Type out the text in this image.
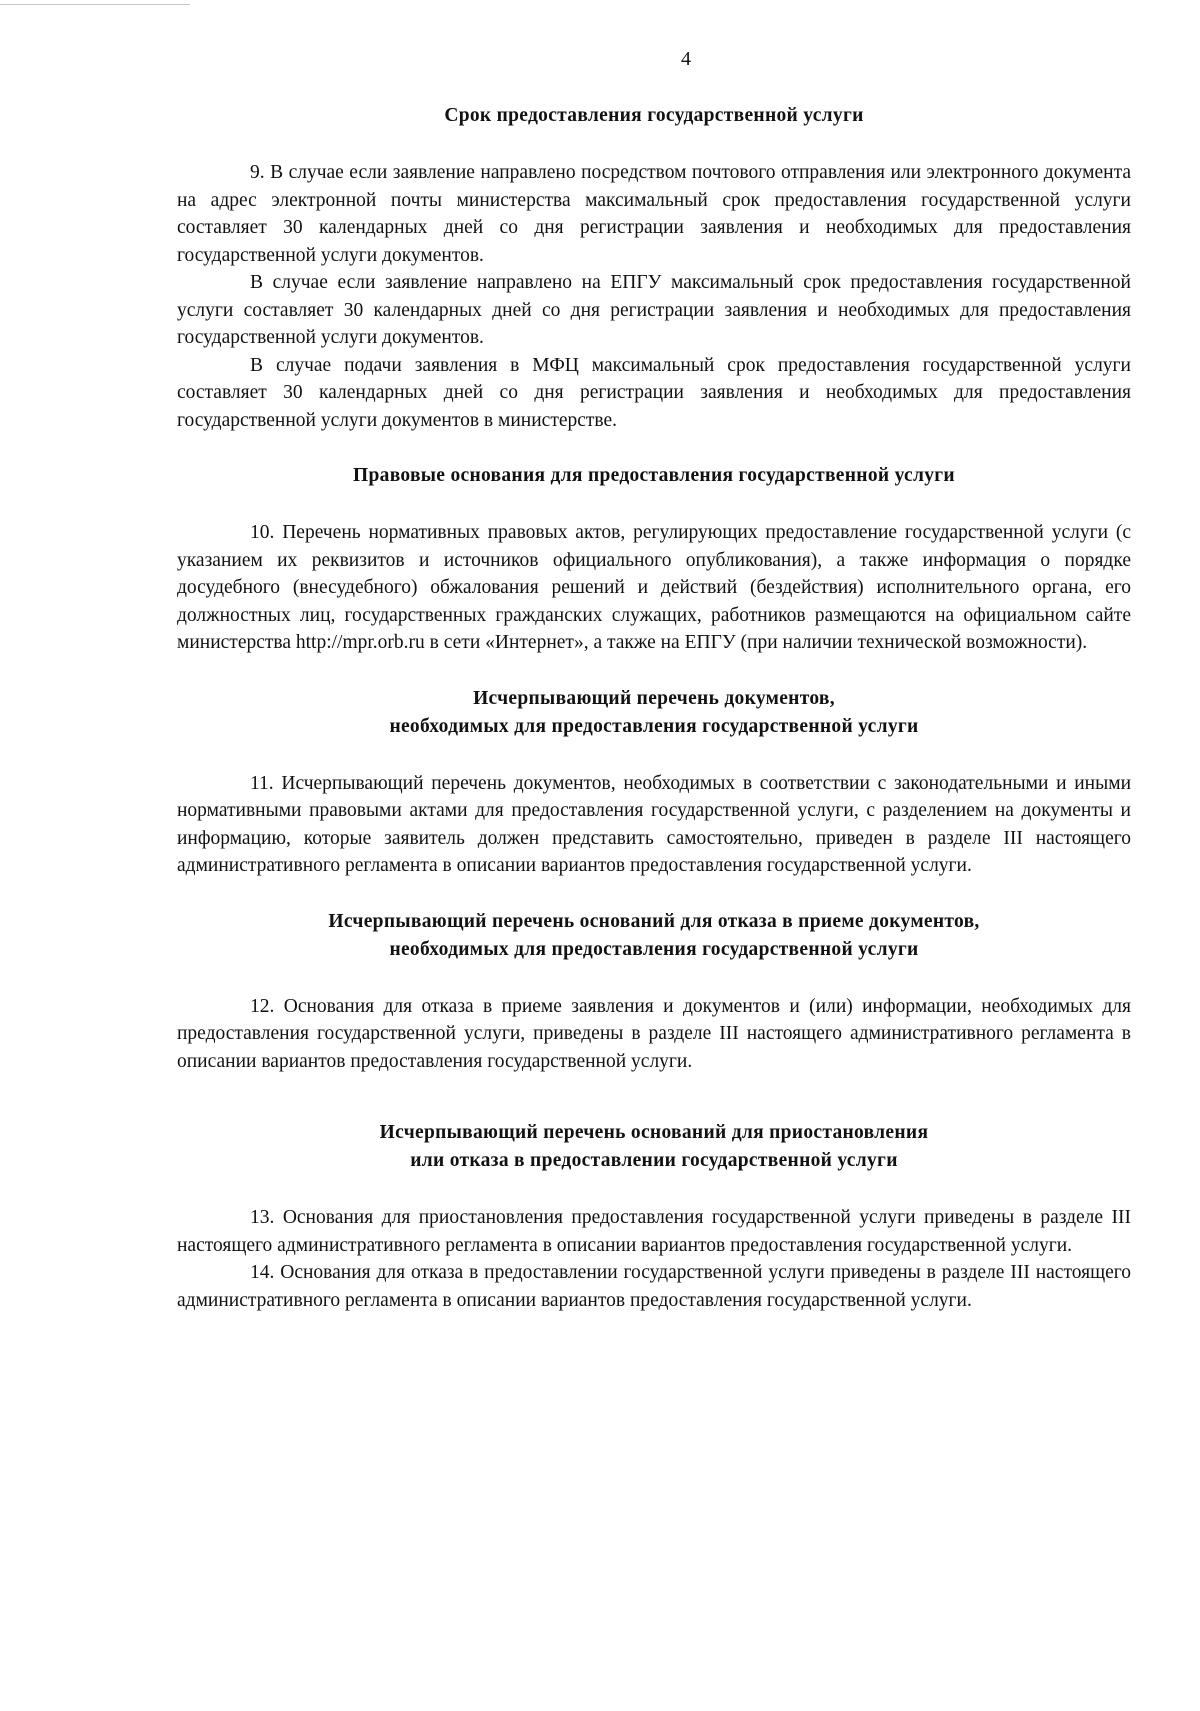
4

Срок предоставления государственной услуги

9. В случае если заявление направлено посредством почтового отправления или электронного документа на адрес электронной почты министерства максимальный срок предоставления государственной услуги составляет 30 календарных дней со дня регистрации заявления и необходимых для предоставления государственной услуги документов.

В случае если заявление направлено на ЕПГУ максимальный срок предоставления государственной услуги составляет 30 календарных дней со дня регистрации заявления и необходимых для предоставления государственной услуги документов.

В случае подачи заявления в МФЦ максимальный срок предоставления государственной услуги составляет 30 календарных дней со дня регистрации заявления и необходимых для предоставления государственной услуги документов в министерстве.

Правовые основания для предоставления государственной услуги

10. Перечень нормативных правовых актов, регулирующих предоставление государственной услуги (с указанием их реквизитов и источников официального опубликования), а также информация о порядке досудебного (внесудебного) обжалования решений и действий (бездействия) исполнительного органа, его должностных лиц, государственных гражданских служащих, работников размещаются на официальном сайте министерства http://mpr.orb.ru в сети «Интернет», а также на ЕПГУ (при наличии технической возможности).

Исчерпывающий перечень документов,

необходимых для предоставления государственной услуги

11. Исчерпывающий перечень документов, необходимых в соответствии с законодательными и иными нормативными правовыми актами для предоставления государственной услуги, с разделением на документы и информацию, которые заявитель должен представить самостоятельно, приведен в разделе III настоящего административного регламента в описании вариантов предоставления государственной услуги.

Исчерпывающий перечень оснований для отказа в приеме документов,

необходимых для предоставления государственной услуги

12. Основания для отказа в приеме заявления и документов и (или) информации, необходимых для предоставления государственной услуги, приведены в разделе III настоящего административного регламента в описании вариантов предоставления государственной услуги.

Исчерпывающий перечень оснований для приостановления

или отказа в предоставлении государственной услуги

13. Основания для приостановления предоставления государственной услуги приведены в разделе III настоящего административного регламента в описании вариантов предоставления государственной услуги.

14. Основания для отказа в предоставлении государственной услуги приведены в разделе III настоящего административного регламента в описании вариантов предоставления государственной услуги.
